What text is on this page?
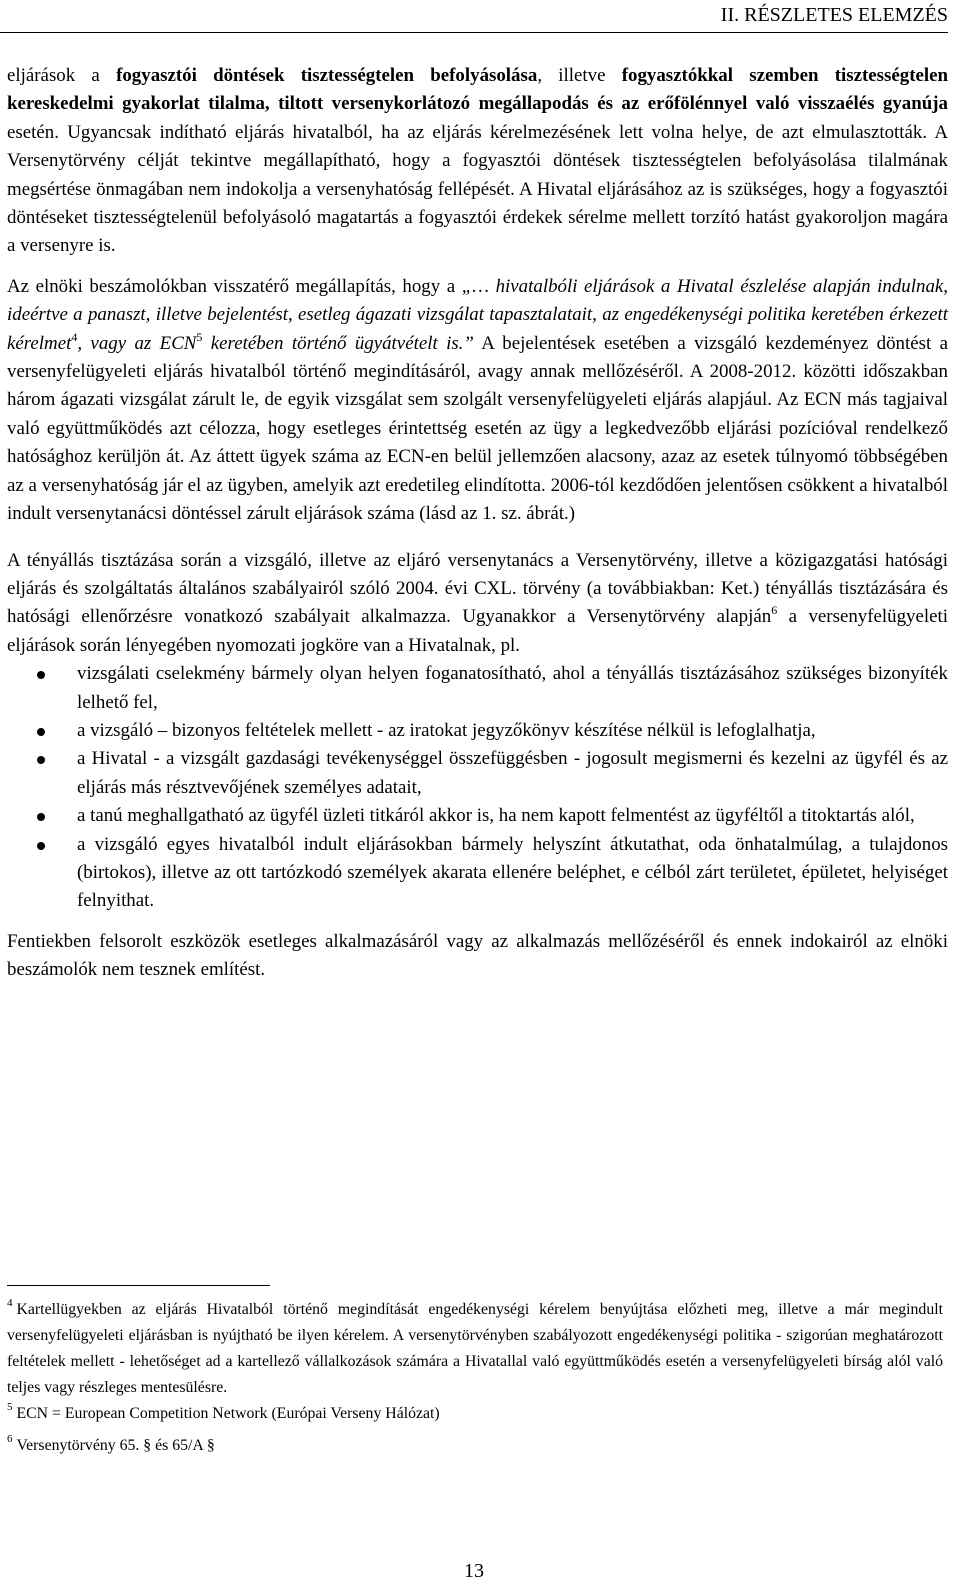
II. RÉSZLETES ELEMZÉS

eljárások a fogyasztói döntések tisztességtelen befolyásolása, illetve fogyasztókkal szemben tisztességtelen kereskedelmi gyakorlat tilalma, tiltott versenykorlátozó megállapodás és az erőfölénnyel való visszaélés gyanúja esetén. Ugyancsak indítható eljárás hivatalból, ha az eljárás kérelmezésének lett volna helye, de azt elmulasztották. A Versenytörvény célját tekintve megállapítható, hogy a fogyasztói döntések tisztességtelen befolyásolása tilalmának megsértése önmagában nem indokolja a versenyhatóság fellépését. A Hivatal eljárásához az is szükséges, hogy a fogyasztói döntéseket tisztességtelenül befolyásoló magatartás a fogyasztói érdekek sérelme mellett torzító hatást gyakoroljon magára a versenyre is.

Az elnöki beszámolókban visszatérő megállapítás, hogy a „… hivatalbóli eljárások a Hivatal észlelése alapján indulnak, ideértve a panaszt, illetve bejelentést, esetleg ágazati vizsgálat tapasztalatait, az engedékenységi politika keretében érkezett kérelmet$^4$, vagy az ECN$^5$ keretében történő ügyátvételt is.” A bejelentések esetében a vizsgáló kezdeményez döntést a versenyfelügyeleti eljárás hivatalból történő megindításáról, avagy annak mellőzéséről. A 2008-2012. közötti időszakban három ágazati vizsgálat zárult le, de egyik vizsgálat sem szolgált versenyfelügyeleti eljárás alapjául. Az ECN más tagjaival való együttműködés azt célozza, hogy esetleges érintettség esetén az ügy a legkedvezőbb eljárási pozícióval rendelkező hatósághoz kerüljön át. Az áttett ügyek száma az ECN-en belül jellemzően alacsony, azaz az esetek túlnyomó többségében az a versenyhatóság jár el az ügyben, amelyik azt eredetileg elindította. 2006-tól kezdődően jelentősen csökkent a hivatalból indult versenytanácsi döntéssel zárult eljárások száma (lásd az 1. sz. ábrát.)

A tényállás tisztázása során a vizsgáló, illetve az eljáró versenytanács a Versenytörvény, illetve a közigazgatási hatósági eljárás és szolgáltatás általános szabályairól szóló 2004. évi CXL. törvény (a továbbiakban: Ket.) tényállás tisztázására és hatósági ellenőrzésre vonatkozó szabályait alkalmazza. Ugyanakkor a Versenytörvény alapján$^6$ a versenyfelügyeleti eljárások során lényegében nyomozati jogköre van a Hivatalnak, pl.

vizsgálati cselekmény bármely olyan helyen foganatosítható, ahol a tényállás tisztázásához szükséges bizonyíték lelhető fel,
a vizsgáló – bizonyos feltételek mellett - az iratokat jegyzőkönyv készítése nélkül is lefoglalhatja,
a Hivatal - a vizsgált gazdasági tevékenységgel összefüggésben - jogosult megismerni és kezelni az ügyfél és az eljárás más résztvevőjének személyes adatait,
a tanú meghallgatható az ügyfél üzleti titkáról akkor is, ha nem kapott felmentést az ügyféltől a titoktartás alól,
a vizsgáló egyes hivatalból indult eljárásokban bármely helyszínt átkutathat, oda önhatalmúlag, a tulajdonos (birtokos), illetve az ott tartózkodó személyek akarata ellenére beléphet, e célból zárt területet, épületet, helyiséget felnyithat.

Fentiekben felsorolt eszközök esetleges alkalmazásáról vagy az alkalmazás mellőzéséről és ennek indokairól az elnöki beszámolók nem tesznek említést.

$^4$ Kartellügyekben az eljárás Hivatalból történő megindítását engedékenységi kérelem benyújtása előzheti meg, illetve a már megindult versenyfelügyeleti eljárásban is nyújtható be ilyen kérelem. A versenytörvényben szabályozott engedékenységi politika - szigorúan meghatározott feltételek mellett - lehetőséget ad a kartellező vállalkozások számára a Hivatallal való együttműködés esetén a versenyfelügyeleti bírság alól való teljes vagy részleges mentesülésre.

$^5$ ECN = European Competition Network (Európai Verseny Hálózat)

$^6$ Versenytörvény 65. § és 65/A §

13
